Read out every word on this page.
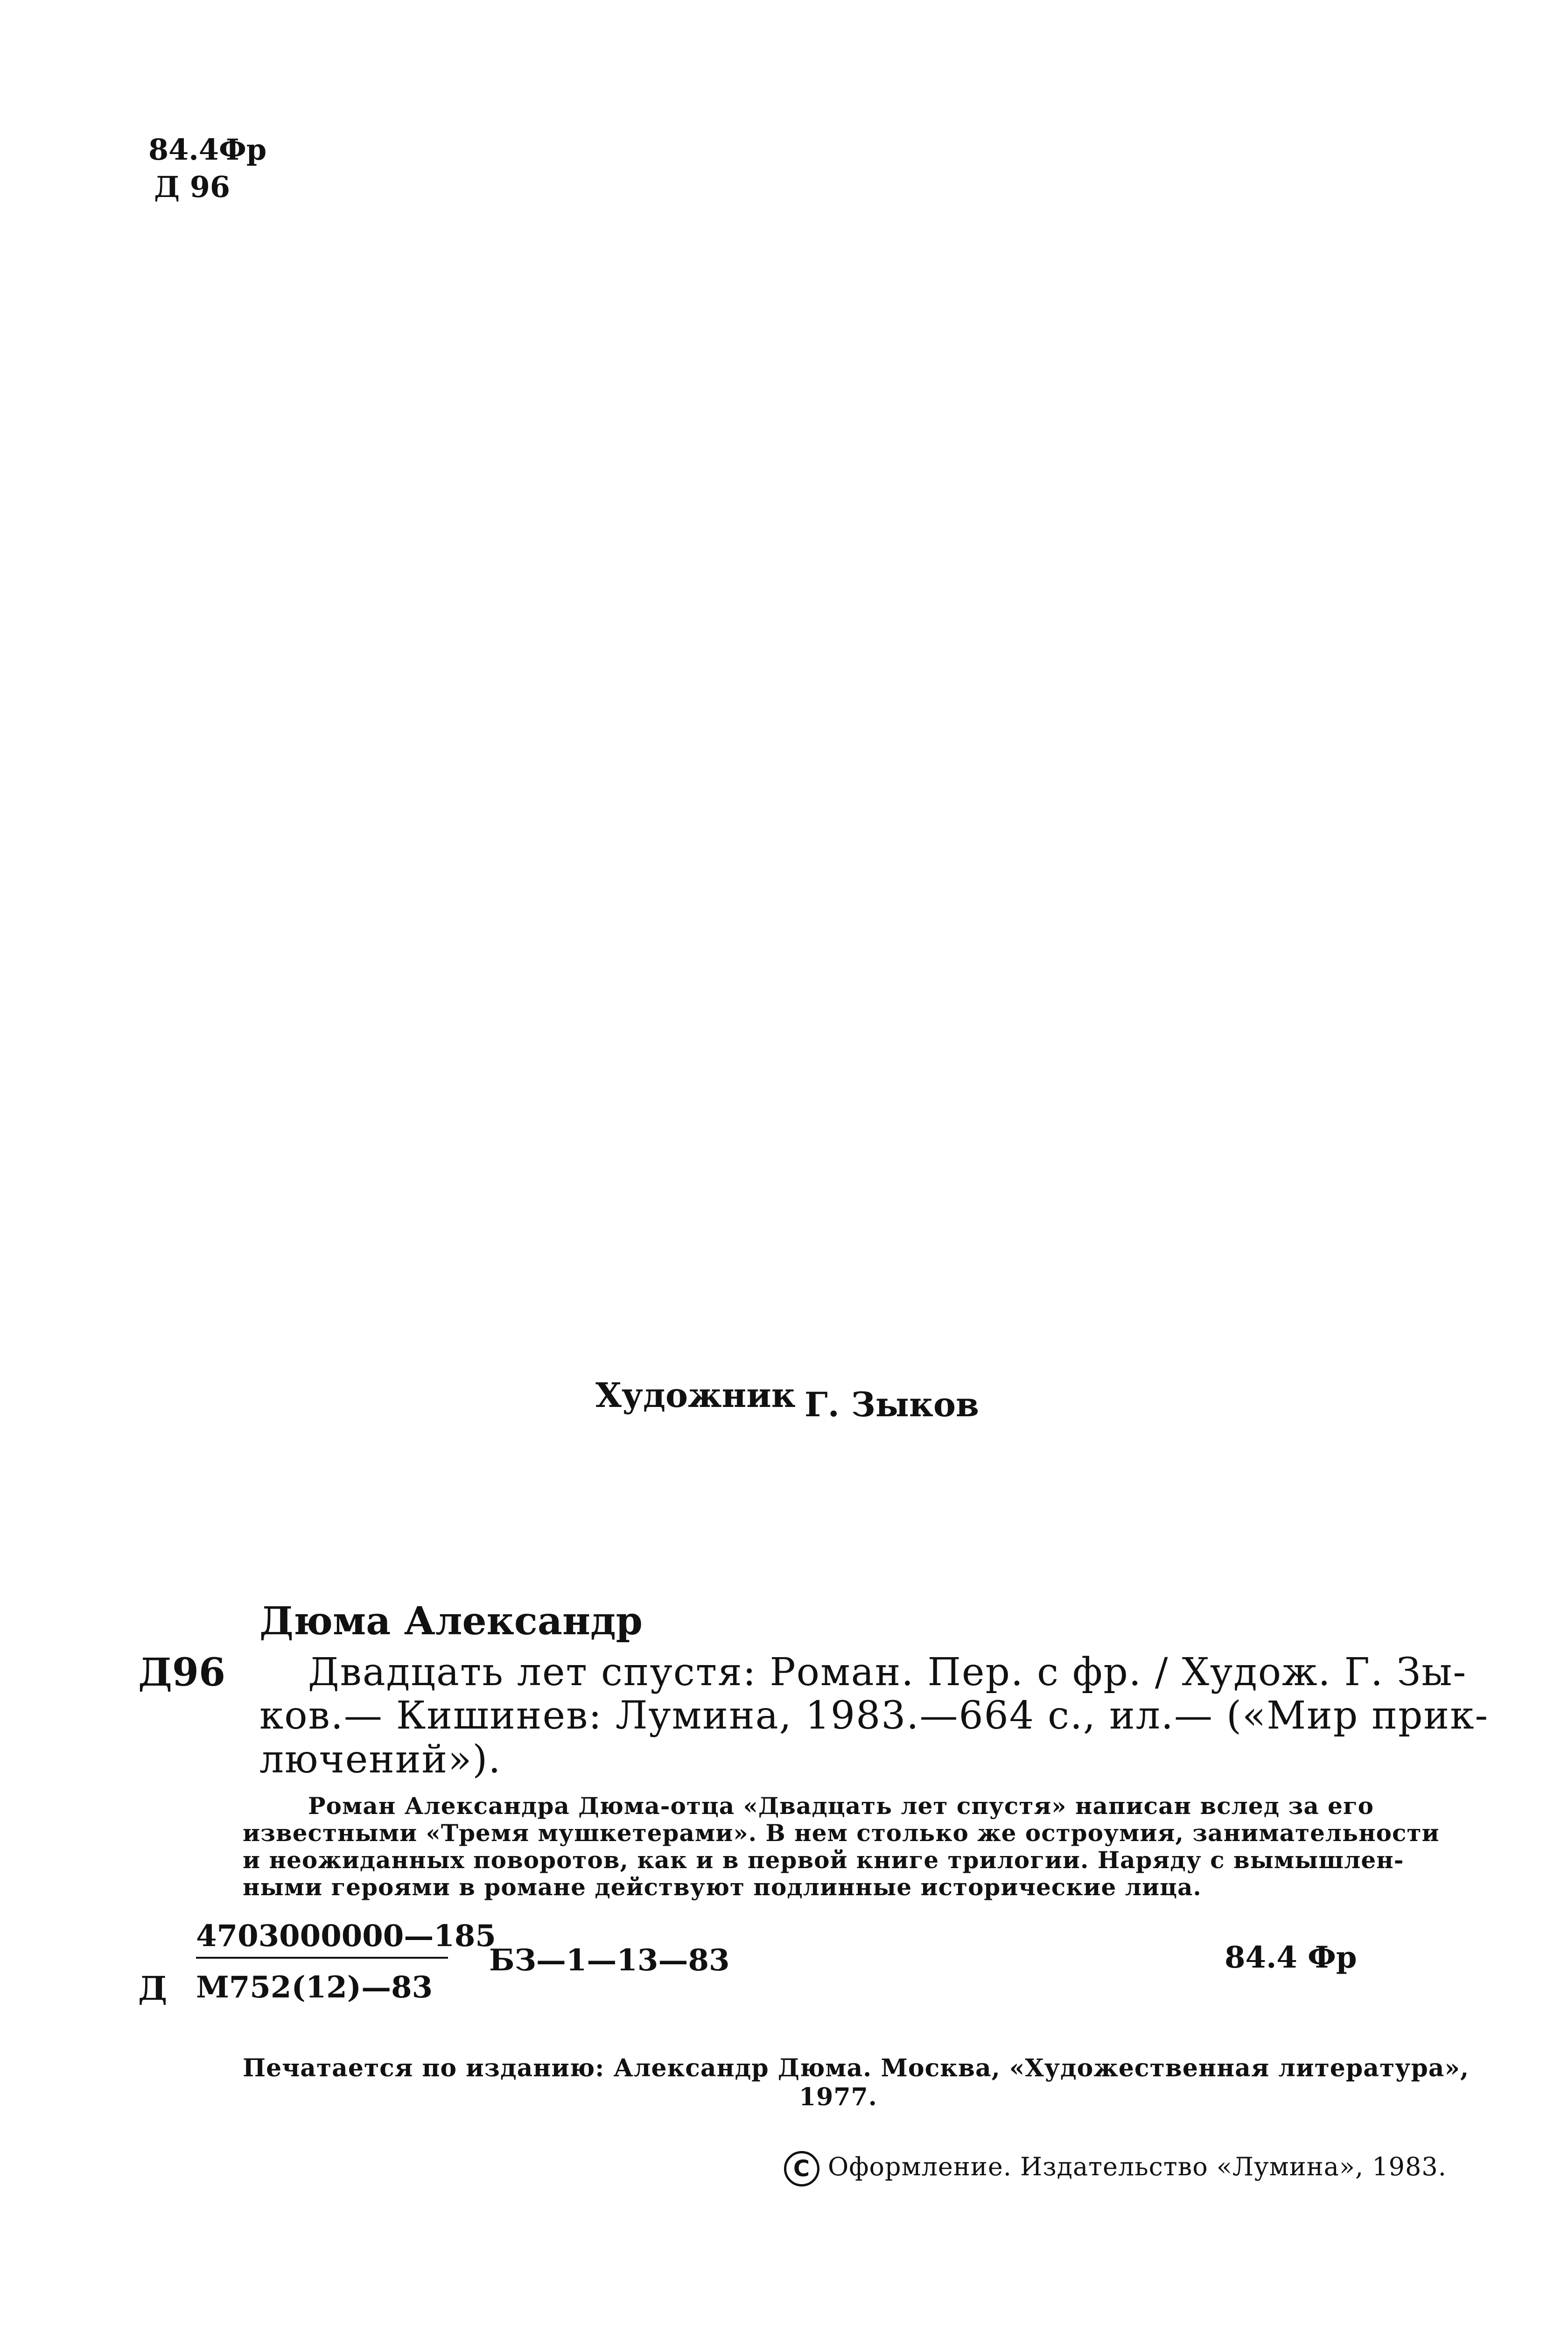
84.4Фр
Д 96
Художник Г. Зыков
Дюма Александр
Д96 Двадцать лет спустя: Роман. Пер. с фр. / Худож. Г. Зы-
ков.— Кишинев: Лумина, 1983.—664 с., ил.— («Мир прик-
лючений»).
Роман Александра Дюма-отца «Двадцать лет спустя» написан вслед за его
известными «Тремя мушкетерами». В нем столько же остроумия, занимательности
и неожиданных поворотов, как и в первой книге трилогии. Наряду с вымышлен-
ными героями в романе действуют подлинные исторические лица.
Д
4703000000—185
М752(12)—83
БЗ—1—13—83	84.4 Фр
Печатается по изданию: Александр Дюма. Москва, «Художественная литература»,
1977.
C Оформление. Издательство «Лумина», 1983.
